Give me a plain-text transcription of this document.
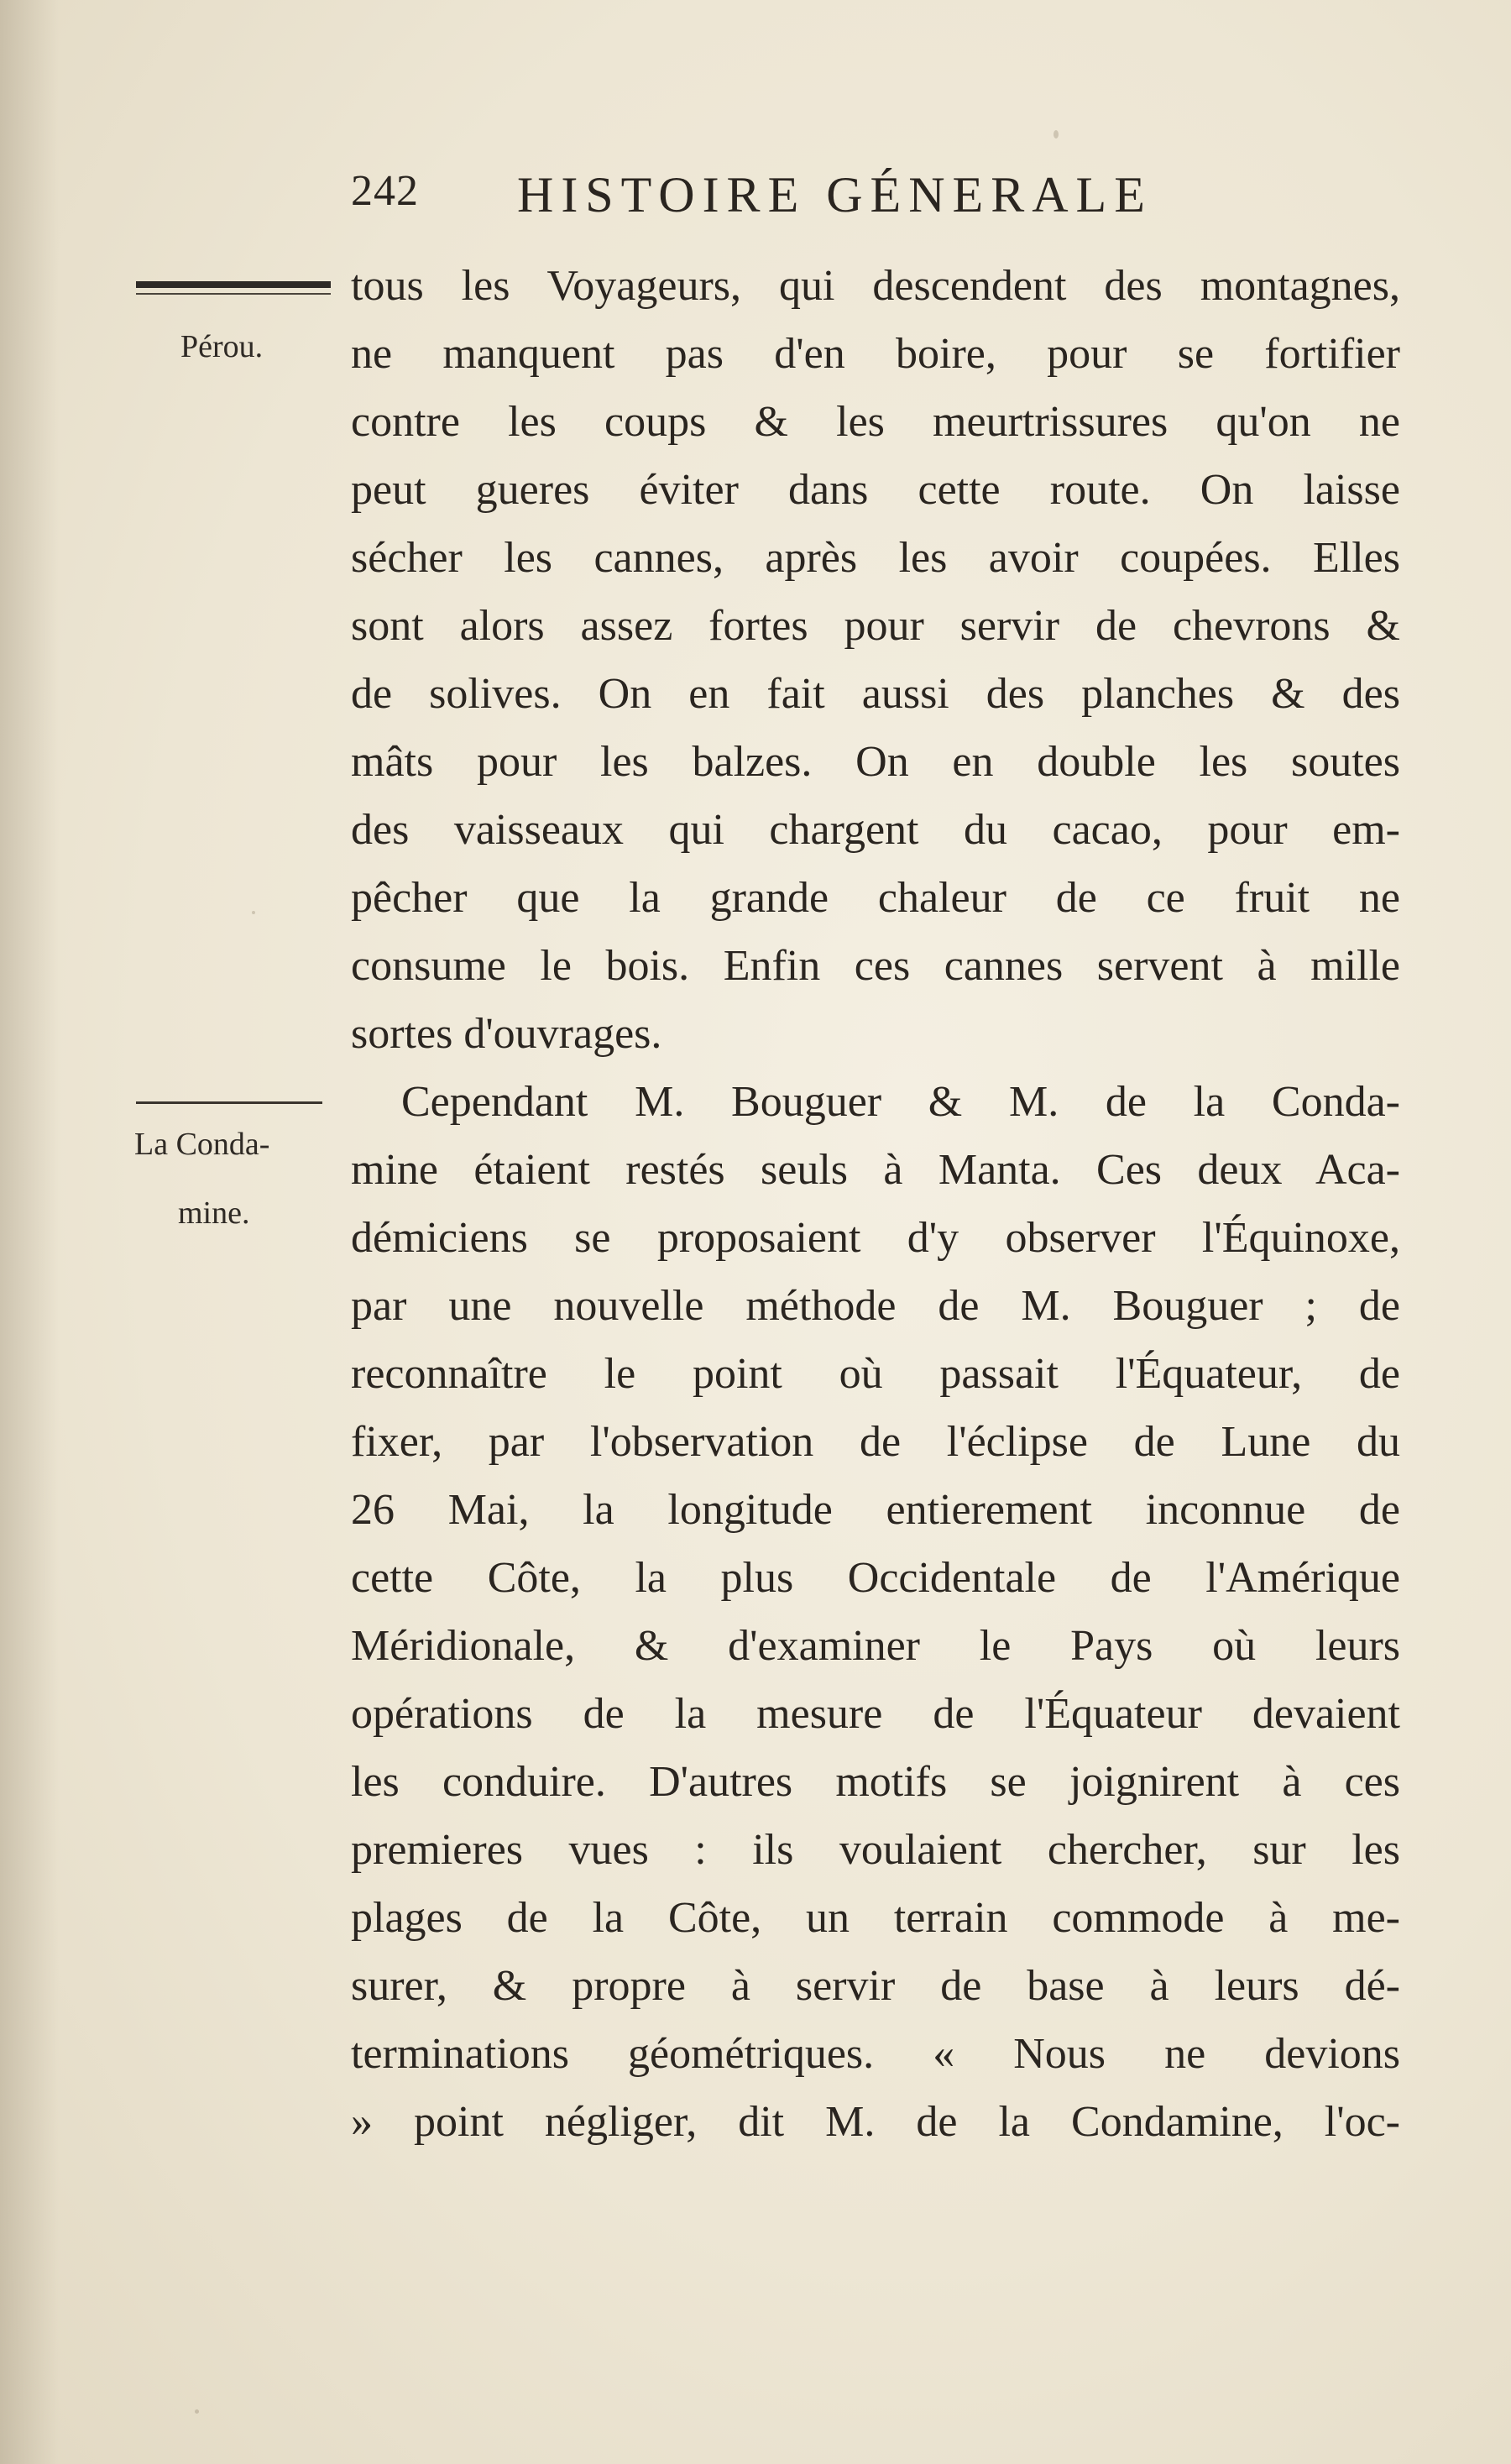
242 HISTOIRE GÉNERALE
Pérou.
La Conda-
mine.
tous les Voyageurs, qui descendent des montagnes,
ne manquent pas d'en boire, pour se fortifier
contre les coups & les meurtrissures qu'on ne
peut gueres éviter dans cette route. On laisse
sécher les cannes, après les avoir coupées. Elles
sont alors assez fortes pour servir de chevrons &
de solives. On en fait aussi des planches & des
mâts pour les balzes. On en double les soutes
des vaisseaux qui chargent du cacao, pour em-
pêcher que la grande chaleur de ce fruit ne
consume le bois. Enfin ces cannes servent à mille
sortes d'ouvrages.
Cependant M. Bouguer & M. de la Conda-
mine étaient restés seuls à Manta. Ces deux Aca-
démiciens se proposaient d'y observer l'Équinoxe,
par une nouvelle méthode de M. Bouguer ; de
reconnaître le point où passait l'Équateur, de
fixer, par l'observation de l'éclipse de Lune du
26 Mai, la longitude entierement inconnue de
cette Côte, la plus Occidentale de l'Amérique
Méridionale, & d'examiner le Pays où leurs
opérations de la mesure de l'Équateur devaient
les conduire. D'autres motifs se joignirent à ces
premieres vues : ils voulaient chercher, sur les
plages de la Côte, un terrain commode à me-
surer, & propre à servir de base à leurs dé-
terminations géométriques. « Nous ne devions
» point négliger, dit M. de la Condamine, l'oc-
